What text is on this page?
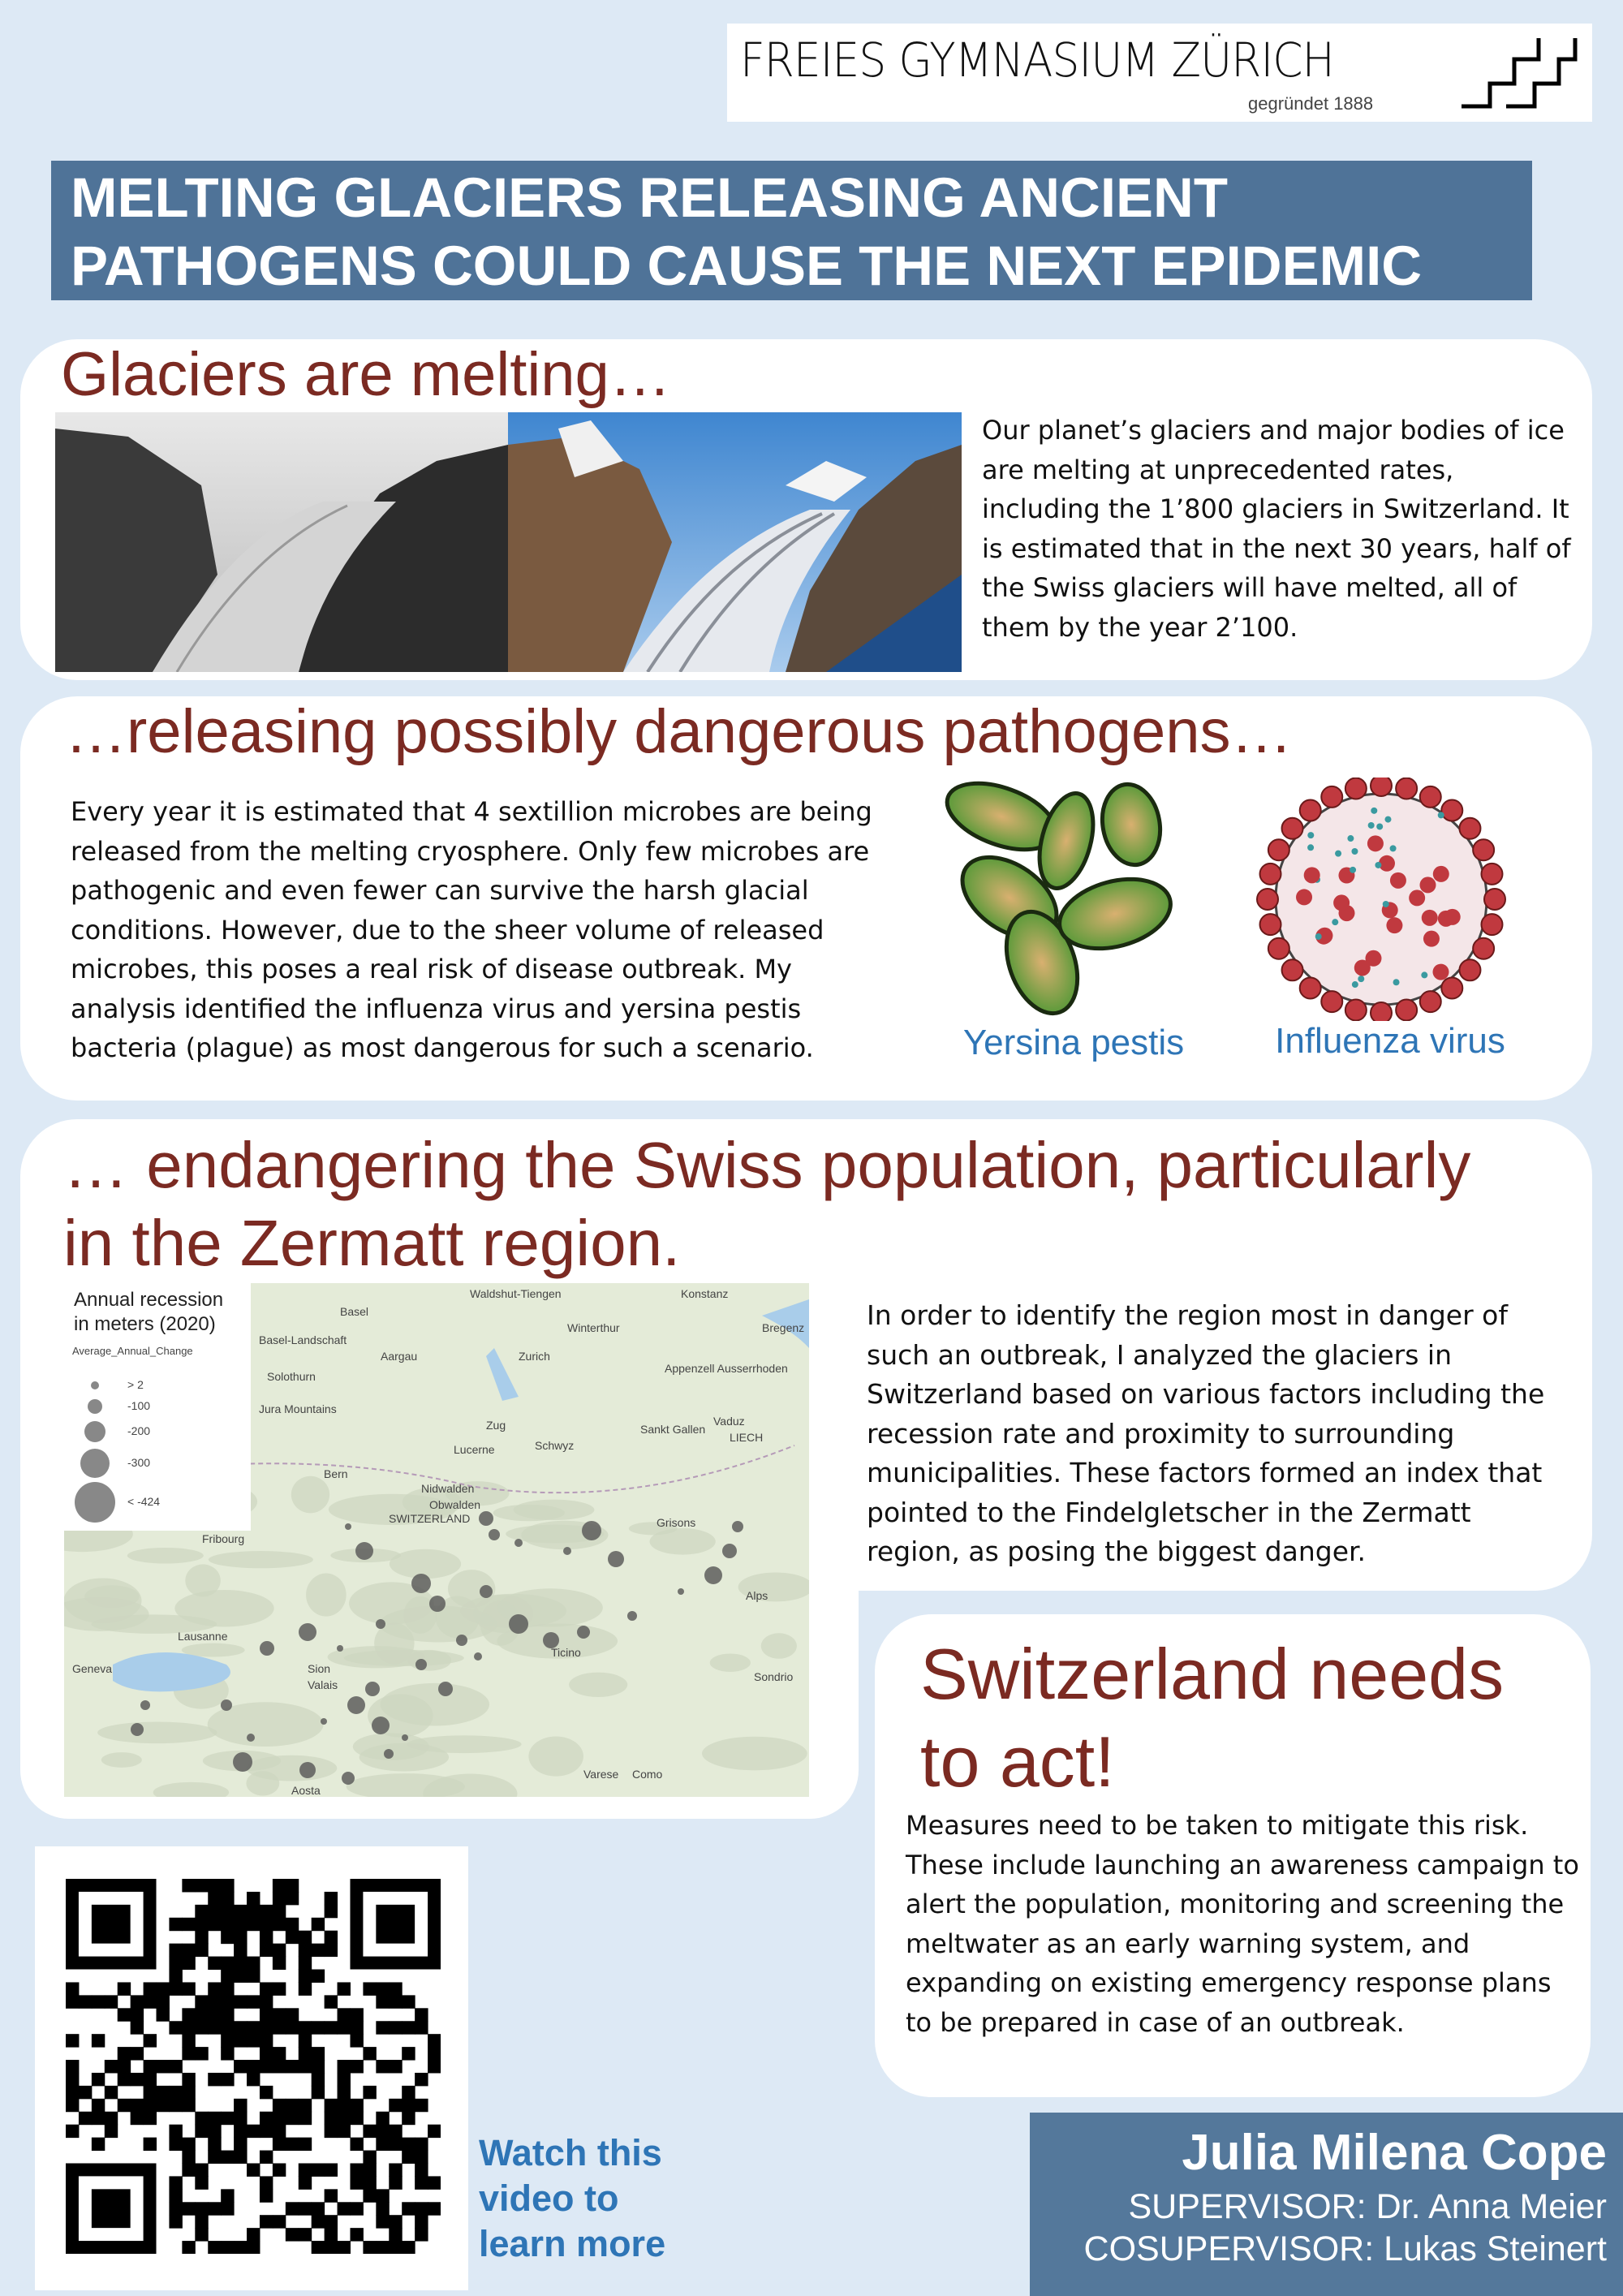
FREIES GYMNASIUM ZÜRICH
gegründet 1888
MELTING GLACIERS RELEASING ANCIENT
PATHOGENS COULD CAUSE THE NEXT EPIDEMIC
Glaciers are melting…
Our planet’s glaciers and major bodies of ice are melting at unprecedented rates, including the 1’800 glaciers in Switzerland. It is estimated that in the next 30 years, half of the Swiss glaciers will have melted, all of them by the year 2’100.
…releasing possibly dangerous pathogens…
Every year it is estimated that 4 sextillion microbes are being released from the melting cryosphere. Only few microbes are pathogenic and even fewer can survive the harsh glacial conditions. However, due to the sheer volume of released microbes, this poses a real risk of disease outbreak. My analysis identified the influenza virus and yersina pestis bacteria (plague) as most dangerous for such a scenario.	Yersina pestis	Influenza virus
… endangering the Swiss population, particularly
in the Zermatt region.
In order to identify the region most in danger of such an outbreak, I analyzed the glaciers in Switzerland based on various factors including the recession rate and proximity to surrounding municipalities. These factors formed an index that pointed to the Findelgletscher in the Zermatt region, as posing the biggest danger.
Basel
Zurich
Winterthur	Bregenz
Bern
Lucerne
Zug
Schwyz
Sankt Gallen
Vaduz
LIECH
Lausanne
Geneva	Sion
Valais
Ticino
Sondrio
Varese Como
Fribourg
Aargau
Solothurn
Obwalden
Nidwalden
SWITZERLAND	Grisons
Appenzell Ausserrhoden
Basel-Landschaft
Jura Mountains
Konstanz
Waldshut-Tiengen
Aosta
Alps
Annual recession
in meters (2020)
Average_Annual_Change
> 2
-100
-200
-300
< -424
Switzerland needs
to act!
Measures need to be taken to mitigate this risk. These include launching an awareness campaign to alert the population, monitoring and screening the meltwater as an early warning system, and expanding on existing emergency response plans to be prepared in case of an outbreak.
Watch this
video to
learn more
Julia Milena Cope
SUPERVISOR: Dr. Anna Meier
COSUPERVISOR: Lukas Steinert
